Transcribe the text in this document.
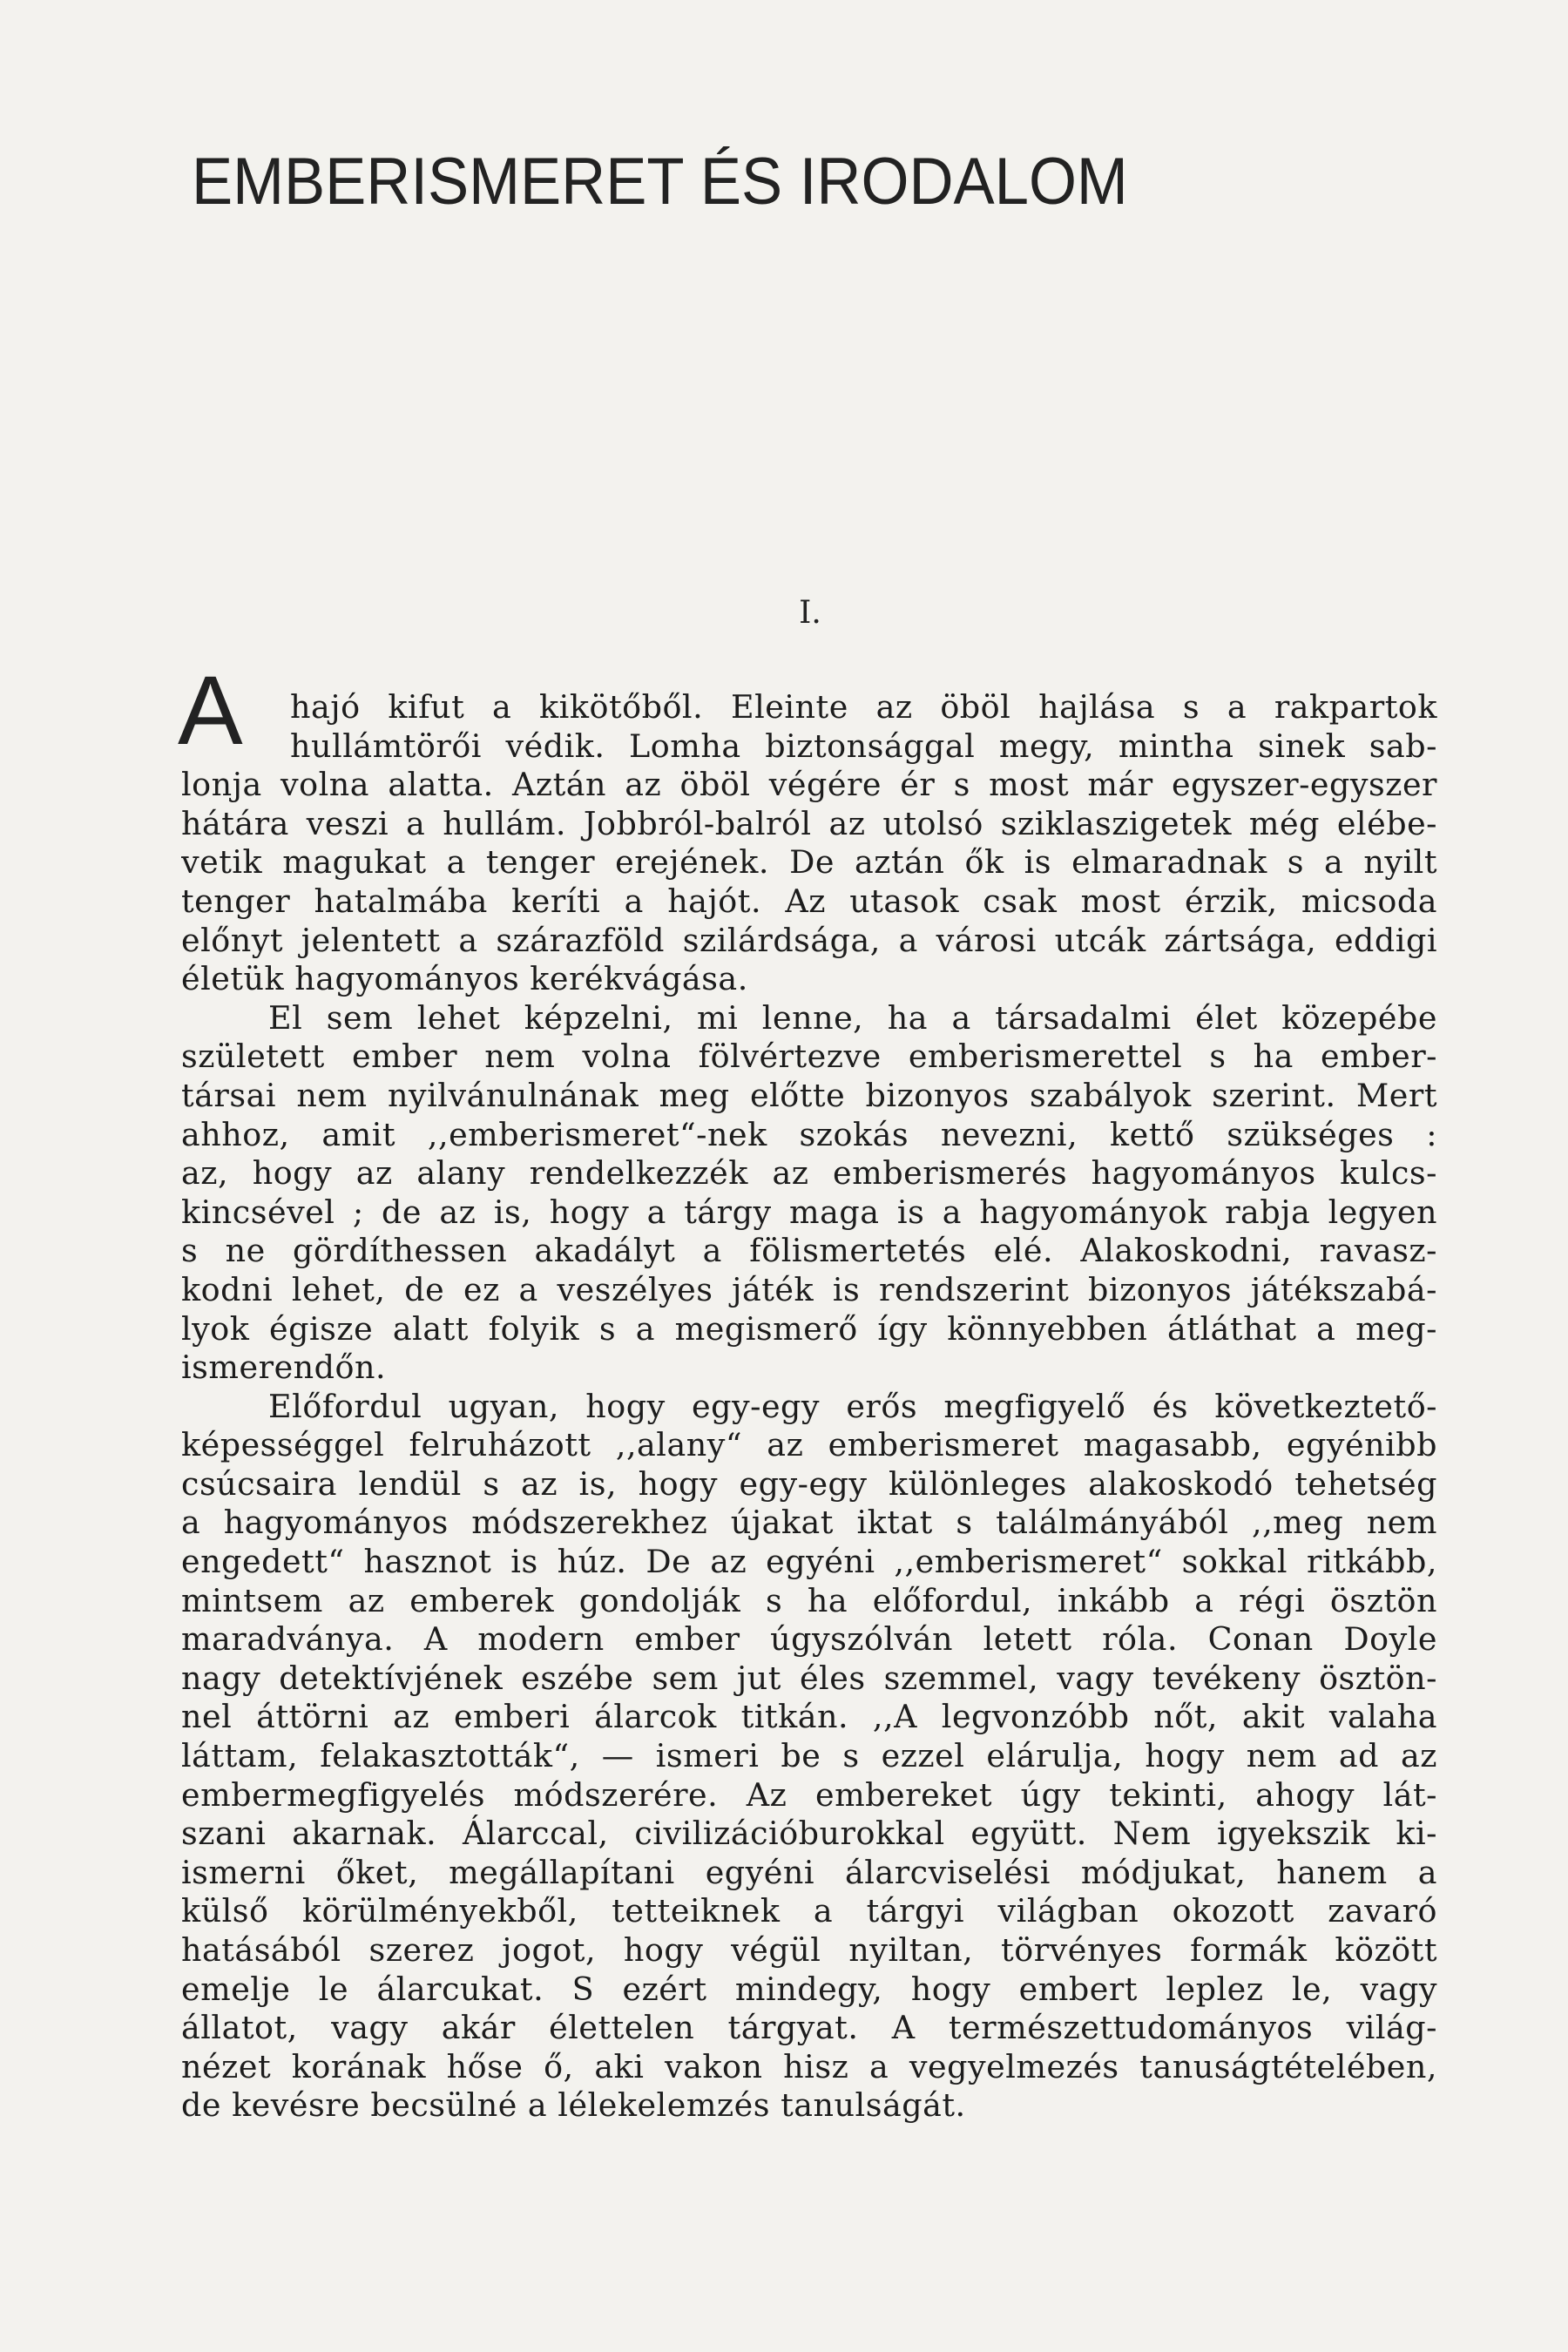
EMBERISMERET ÉS IRODALOM
I.
A	hajó kifut a kikötőből. Eleinte az öböl hajlása s a rakpartok
hullámtörői védik. Lomha biztonsággal megy, mintha sinek sab-
lonja volna alatta. Aztán az öböl végére ér s most már egyszer-egyszer
hátára veszi a hullám. Jobbról-balról az utolsó sziklaszigetek még elébe-
vetik magukat a tenger erejének. De aztán ők is elmaradnak s a nyilt
tenger hatalmába keríti a hajót. Az utasok csak most érzik, micsoda
előnyt jelentett a szárazföld szilárdsága, a városi utcák zártsága, eddigi
életük hagyományos kerékvágása.
El sem lehet képzelni, mi lenne, ha a társadalmi élet közepébe
született ember nem volna fölvértezve emberismerettel s ha ember-
társai nem nyilvánulnának meg előtte bizonyos szabályok szerint. Mert
ahhoz, amit ,,emberismeret“-nek szokás nevezni, kettő szükséges :
az, hogy az alany rendelkezzék az emberismerés hagyományos kulcs-
kincsével ; de az is, hogy a tárgy maga is a hagyományok rabja legyen
s ne gördíthessen akadályt a fölismertetés elé. Alakoskodni, ravasz-
kodni lehet, de ez a veszélyes játék is rendszerint bizonyos játékszabá-
lyok égisze alatt folyik s a megismerő így könnyebben átláthat a meg-
ismerendőn.
Előfordul ugyan, hogy egy-egy erős megfigyelő és következtető-
képességgel felruházott ,,alany“ az emberismeret magasabb, egyénibb
csúcsaira lendül s az is, hogy egy-egy különleges alakoskodó tehetség
a hagyományos módszerekhez újakat iktat s találmányából ,,meg nem
engedett“ hasznot is húz. De az egyéni ,,emberismeret“ sokkal ritkább,
mintsem az emberek gondolják s ha előfordul, inkább a régi ösztön
maradványa. A modern ember úgyszólván letett róla. Conan Doyle
nagy detektívjének eszébe sem jut éles szemmel, vagy tevékeny ösztön-
nel áttörni az emberi álarcok titkán. ,,A legvonzóbb nőt, akit valaha
láttam, felakasztották“, — ismeri be s ezzel elárulja, hogy nem ad az
embermegfigyelés módszerére. Az embereket úgy tekinti, ahogy lát-
szani akarnak. Álarccal, civilizációburokkal együtt. Nem igyekszik ki-
ismerni őket, megállapítani egyéni álarcviselési módjukat, hanem a
külső körülményekből, tetteiknek a tárgyi világban okozott zavaró
hatásából szerez jogot, hogy végül nyiltan, törvényes formák között
emelje le álarcukat. S ezért mindegy, hogy embert leplez le, vagy
állatot, vagy akár élettelen tárgyat. A természettudományos világ-
nézet korának hőse ő, aki vakon hisz a vegyelmezés tanuságtételében,
de kevésre becsülné a lélekelemzés tanulságát.
